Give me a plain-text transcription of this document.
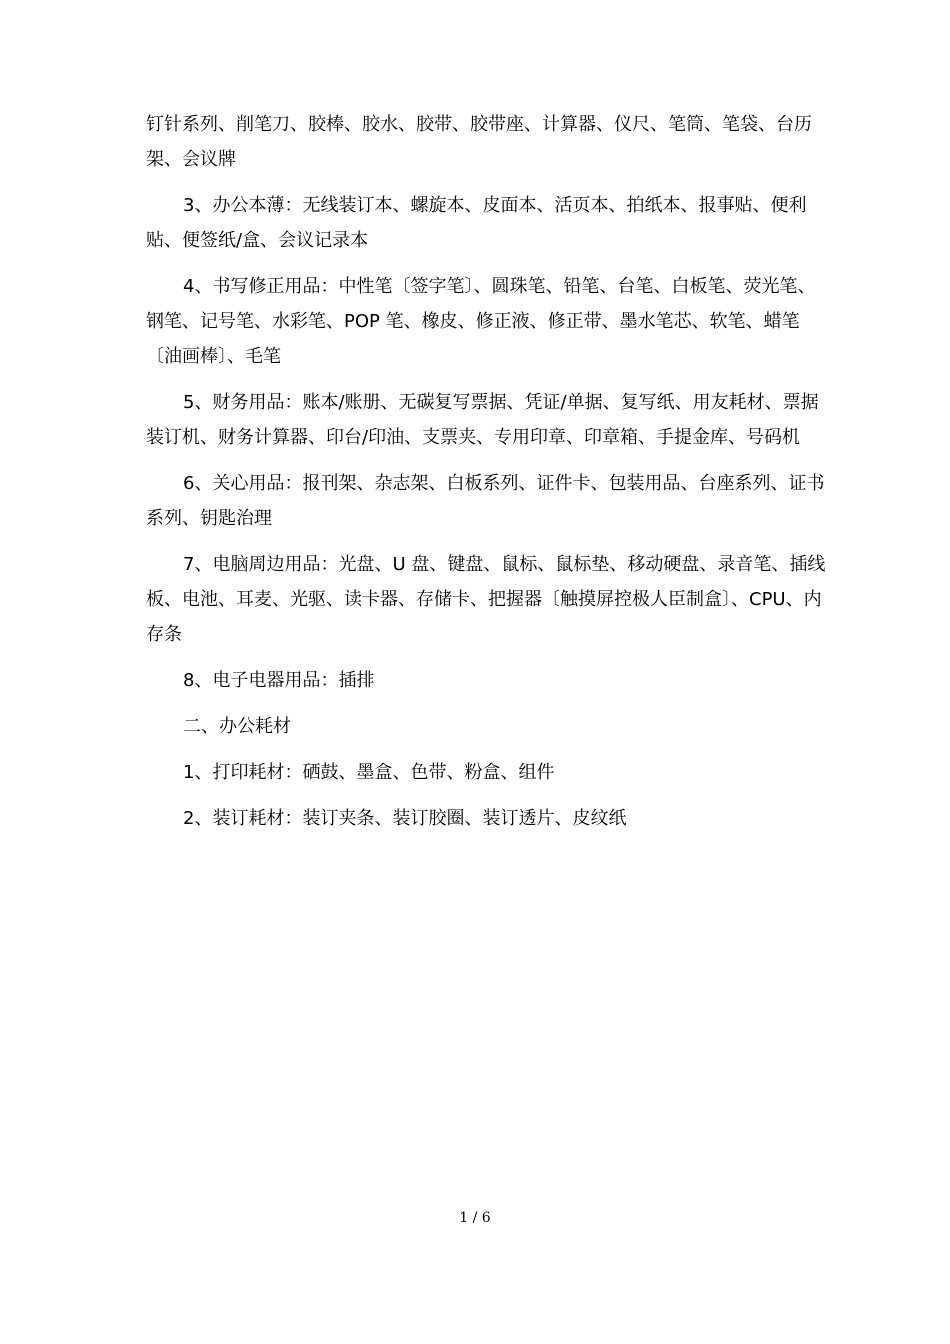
钉针系列、削笔刀、胶棒、胶水、胶带、胶带座、计算器、仪尺、笔筒、笔袋、台历架、会议牌

3、办公本薄：无线装订本、螺旋本、皮面本、活页本、拍纸本、报事贴、便利贴、便签纸/盒、会议记录本

4、书写修正用品：中性笔〔签字笔〕、圆珠笔、铅笔、台笔、白板笔、荧光笔、钢笔、记号笔、水彩笔、POP 笔、橡皮、修正液、修正带、墨水笔芯、软笔、蜡笔〔油画棒〕、毛笔

5、财务用品：账本/账册、无碳复写票据、凭证/单据、复写纸、用友耗材、票据装订机、财务计算器、印台/印油、支票夹、专用印章、印章箱、手提金库、号码机

6、关心用品：报刊架、杂志架、白板系列、证件卡、包装用品、台座系列、证书系列、钥匙治理

7、电脑周边用品：光盘、U 盘、键盘、鼠标、鼠标垫、移动硬盘、录音笔、插线板、电池、耳麦、光驱、读卡器、存储卡、把握器〔触摸屏控极人臣制盒〕、CPU、内存条

8、电子电器用品：插排

二、办公耗材

1、打印耗材：硒鼓、墨盒、色带、粉盒、组件

2、装订耗材：装订夹条、装订胶圈、装订透片、皮纹纸

1 / 6
